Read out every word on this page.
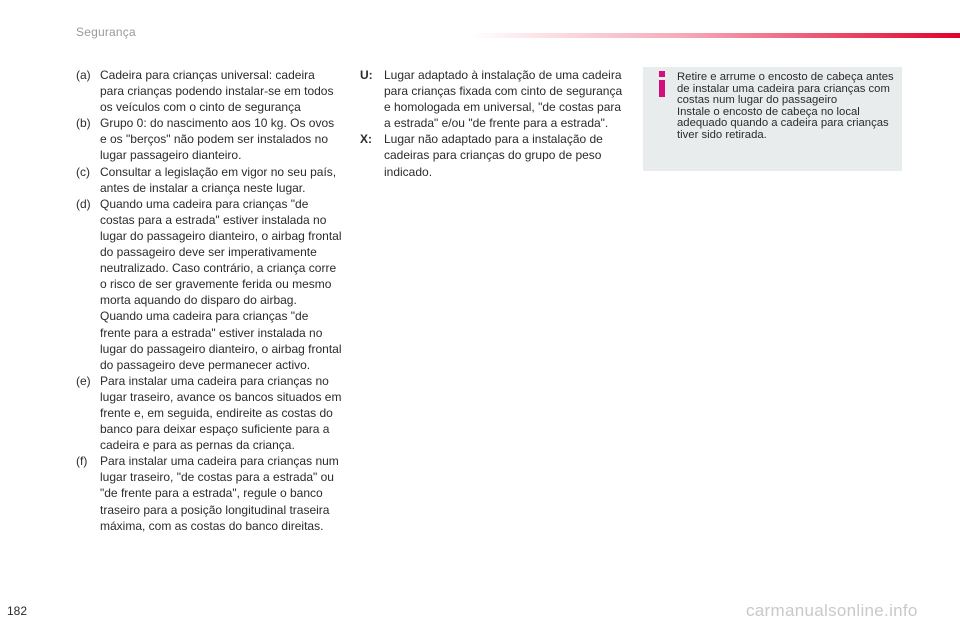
Segurança
(a) Cadeira para crianças universal: cadeira para crianças podendo instalar-se em todos os veículos com o cinto de segurança
(b) Grupo 0: do nascimento aos 10 kg. Os ovos e os "berços" não podem ser instalados no lugar passageiro dianteiro.
(c) Consultar a legislação em vigor no seu país, antes de instalar a criança neste lugar.
(d) Quando uma cadeira para crianças "de costas para a estrada" estiver instalada no lugar do passageiro dianteiro, o airbag frontal do passageiro deve ser imperativamente neutralizado. Caso contrário, a criança corre o risco de ser gravemente ferida ou mesmo morta aquando do disparo do airbag.
Quando uma cadeira para crianças "de frente para a estrada" estiver instalada no lugar do passageiro dianteiro, o airbag frontal do passageiro deve permanecer activo.
(e) Para instalar uma cadeira para crianças no lugar traseiro, avance os bancos situados em frente e, em seguida, endireite as costas do banco para deixar espaço suficiente para a cadeira e para as pernas da criança.
(f)	Para instalar uma cadeira para crianças num lugar traseiro, "de costas para a estrada" ou "de frente para a estrada", regule o banco traseiro para a posição longitudinal traseira máxima, com as costas do banco direitas.
U: Lugar adaptado à instalação de uma cadeira para crianças fixada com cinto de segurança e homologada em universal, "de costas para a estrada" e/ou "de frente para a estrada".
X:	Lugar não adaptado para a instalação de cadeiras para crianças do grupo de peso indicado.
Retire e arrume o encosto de cabeça antes de instalar uma cadeira para crianças com costas num lugar do passageiro
Instale o encosto de cabeça no local adequado quando a cadeira para crianças tiver sido retirada.
182	carmanualsonline.info
